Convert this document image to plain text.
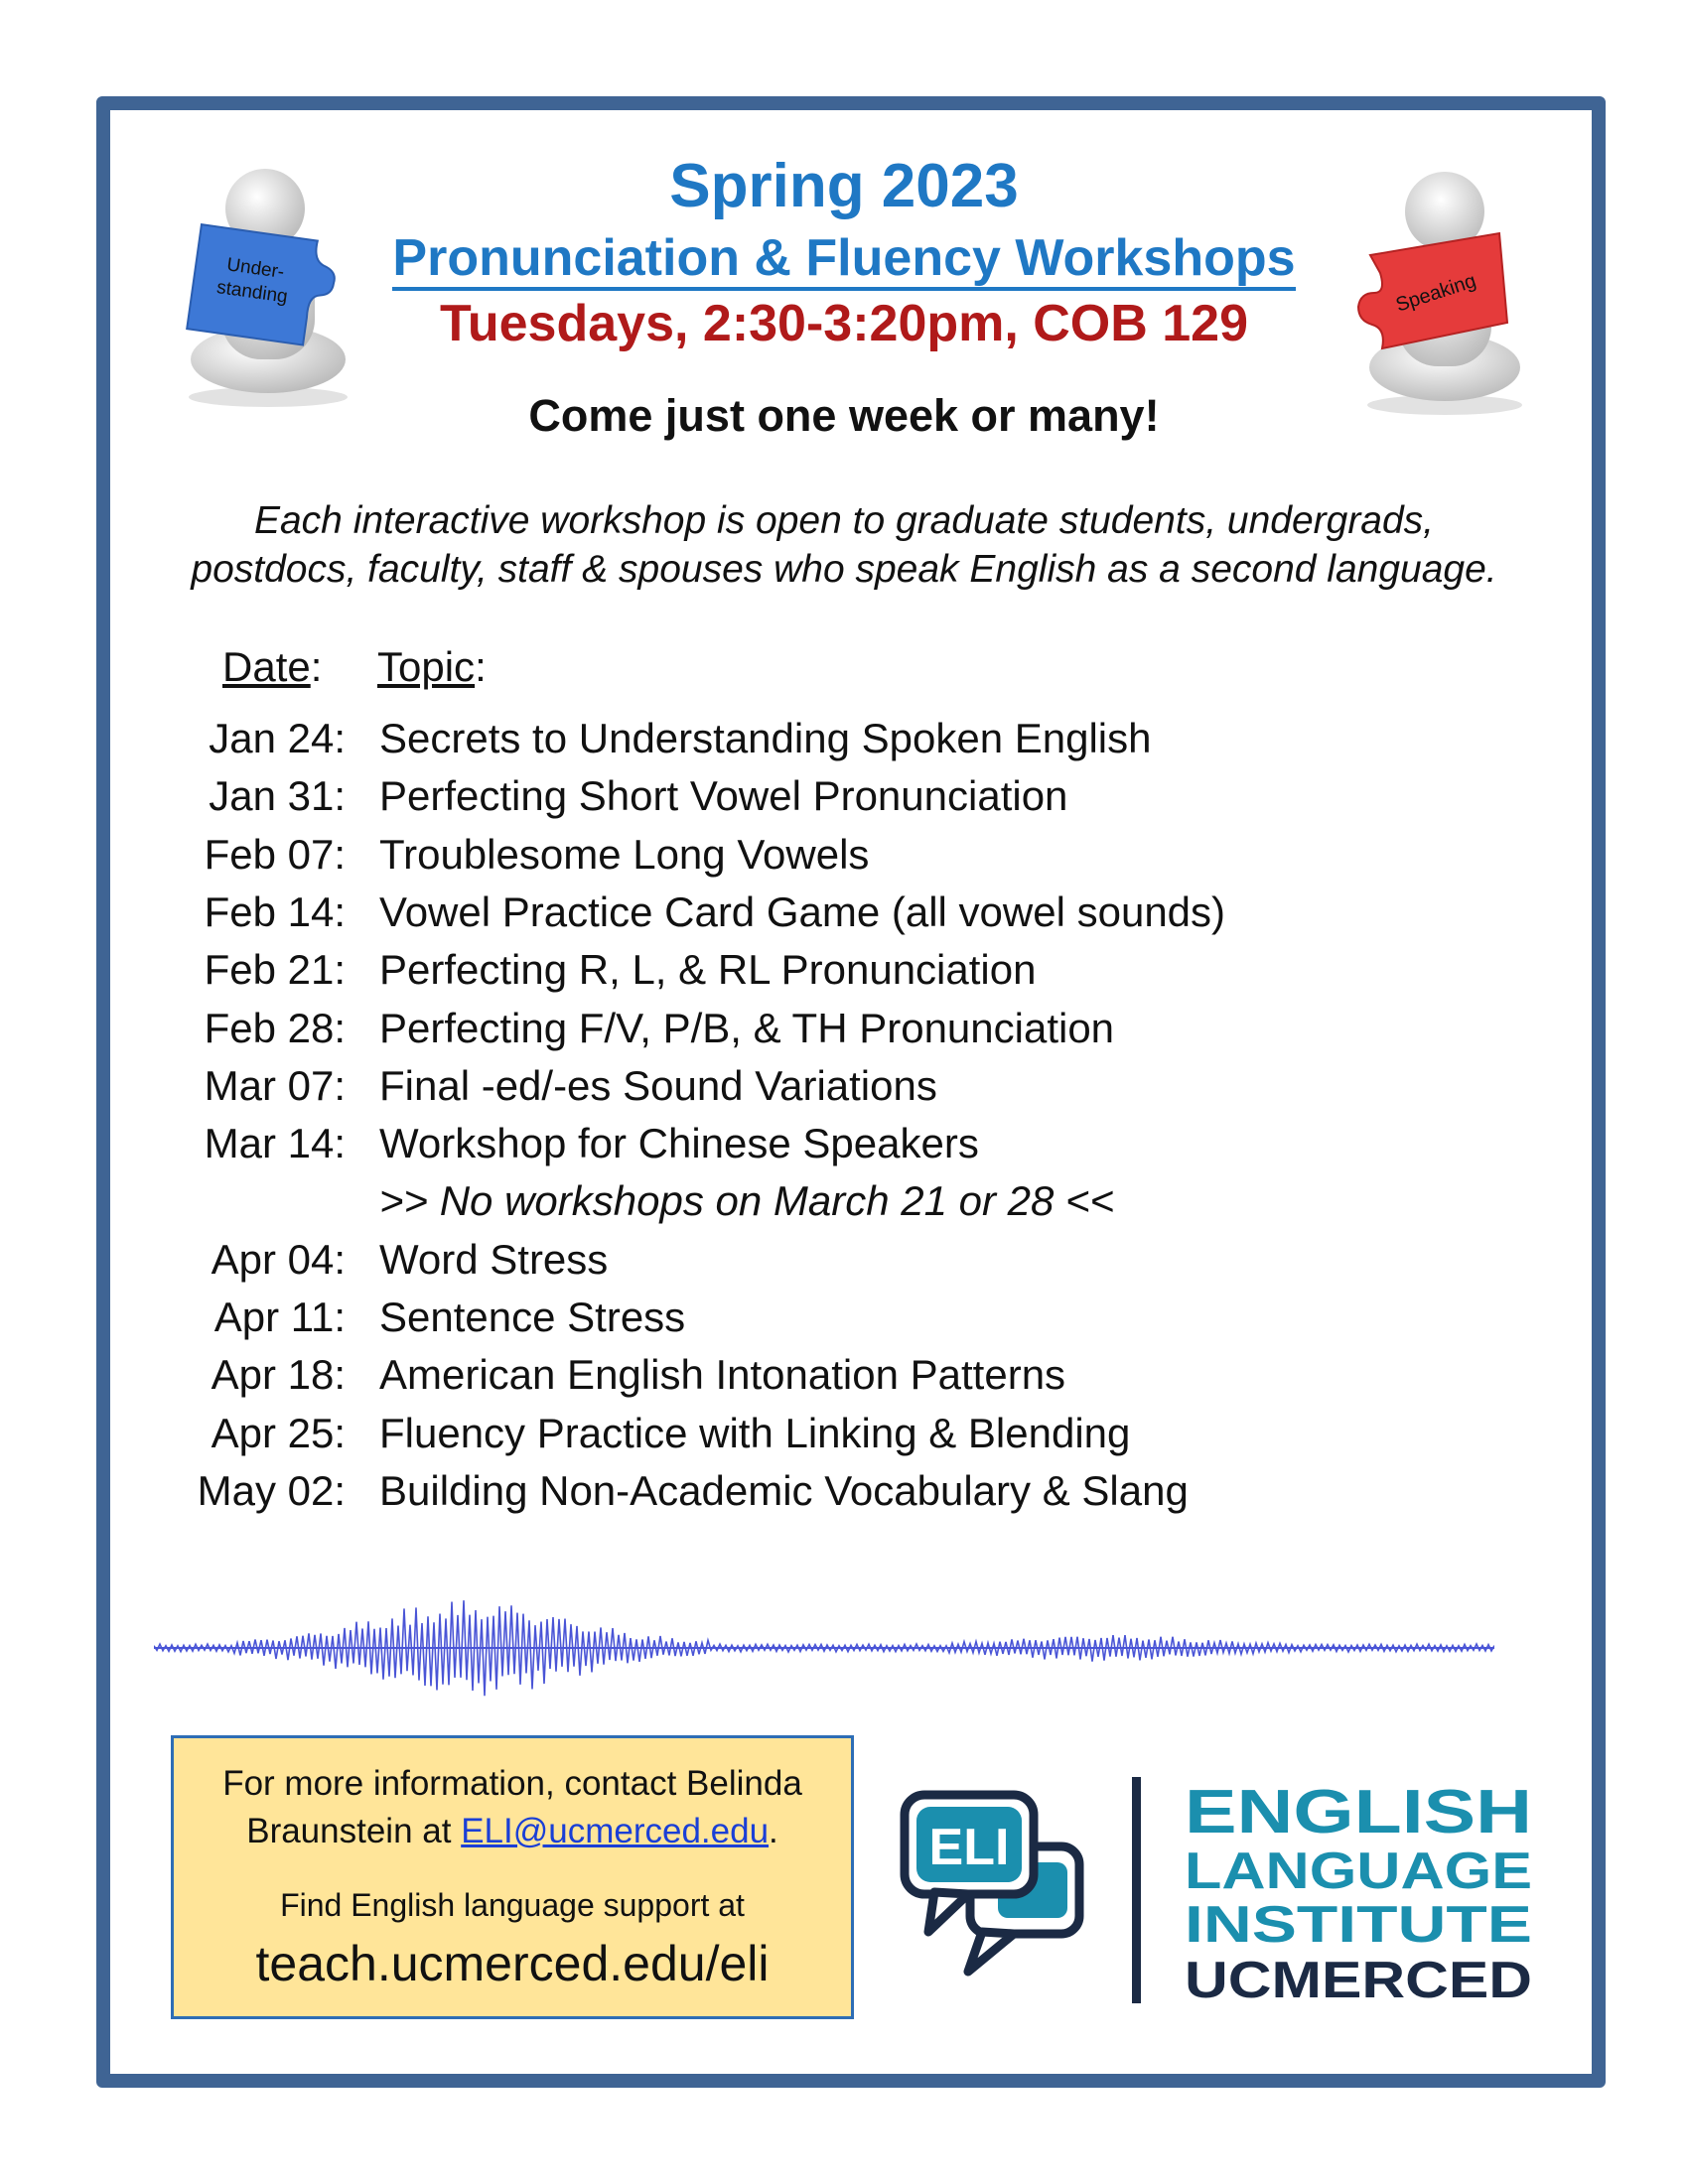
Under-
standing	Speaking
Spring 2023
Pronunciation & Fluency Workshops
Tuesdays, 2:30-3:20pm, COB 129
Come just one week or many!
Each interactive workshop is open to graduate students, undergrads,
postdocs, faculty, staff & spouses who speak English as a second language.
Date: Topic:
Jan 24: Secrets to Understanding Spoken English
Jan 31: Perfecting Short Vowel Pronunciation
Feb 07: Troublesome Long Vowels
Feb 14: Vowel Practice Card Game (all vowel sounds)
Feb 21: Perfecting R, L, & RL Pronunciation
Feb 28: Perfecting F/V, P/B, & TH Pronunciation
Mar 07: Final -ed/-es Sound Variations
Mar 14: Workshop for Chinese Speakers
>> No workshops on March 21 or 28 <<
Apr 04: Word Stress
Apr 11: Sentence Stress
Apr 18: American English Intonation Patterns
Apr 25: Fluency Practice with Linking & Blending
May 02: Building Non-Academic Vocabulary & Slang
For more information, contact Belinda
Braunstein at ELI@ucmerced.edu.
Find English language support at
teach.ucmerced.edu/eli
ELI
ENGLISH
LANGUAGE
INSTITUTE
UCMERCED
